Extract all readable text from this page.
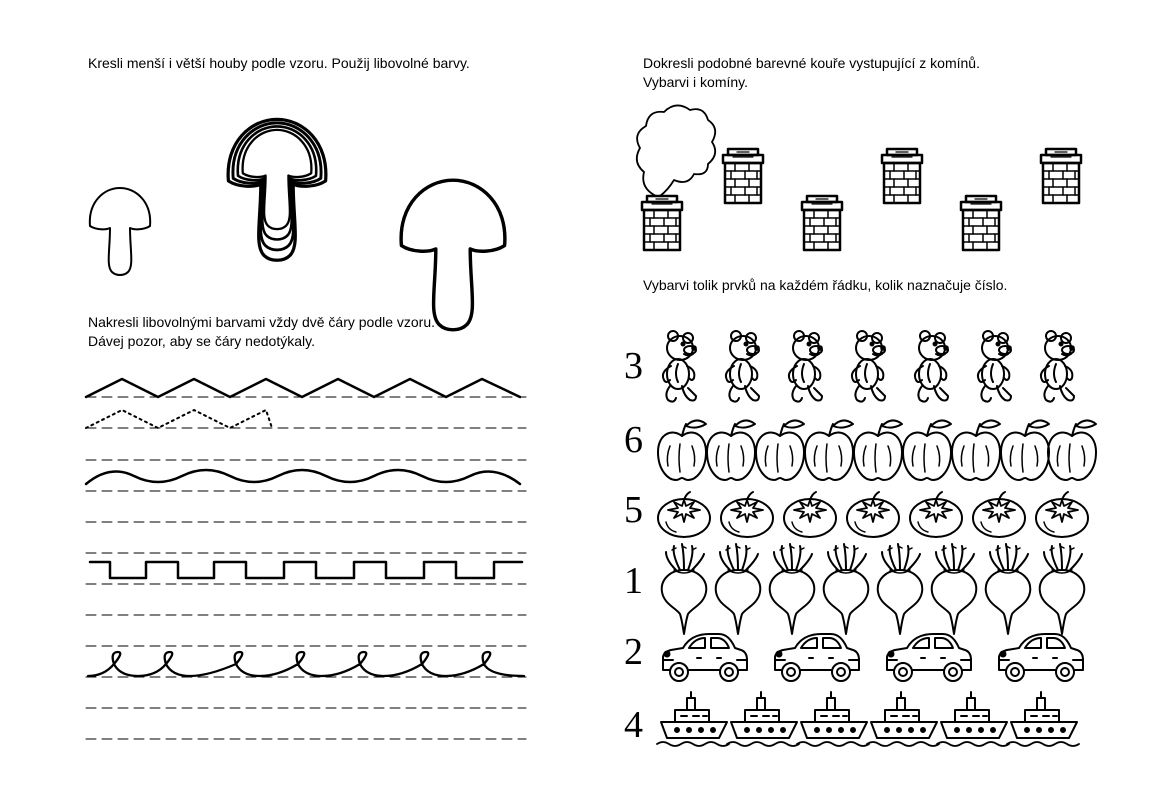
Kresli menší i větší houby podle vzoru. Použij libovolné barvy.

Nakresli libovolnými barvami vždy dvě čáry podle vzoru.
Dávej pozor, aby se čáry nedotýkaly.
Dokresli podobné barevné kouře vystupující z komínů.
Vybarvi i komíny.

Vybarvi tolik prvků na každém řádku, kolik naznačuje číslo.

3
6
5
1
2
4
